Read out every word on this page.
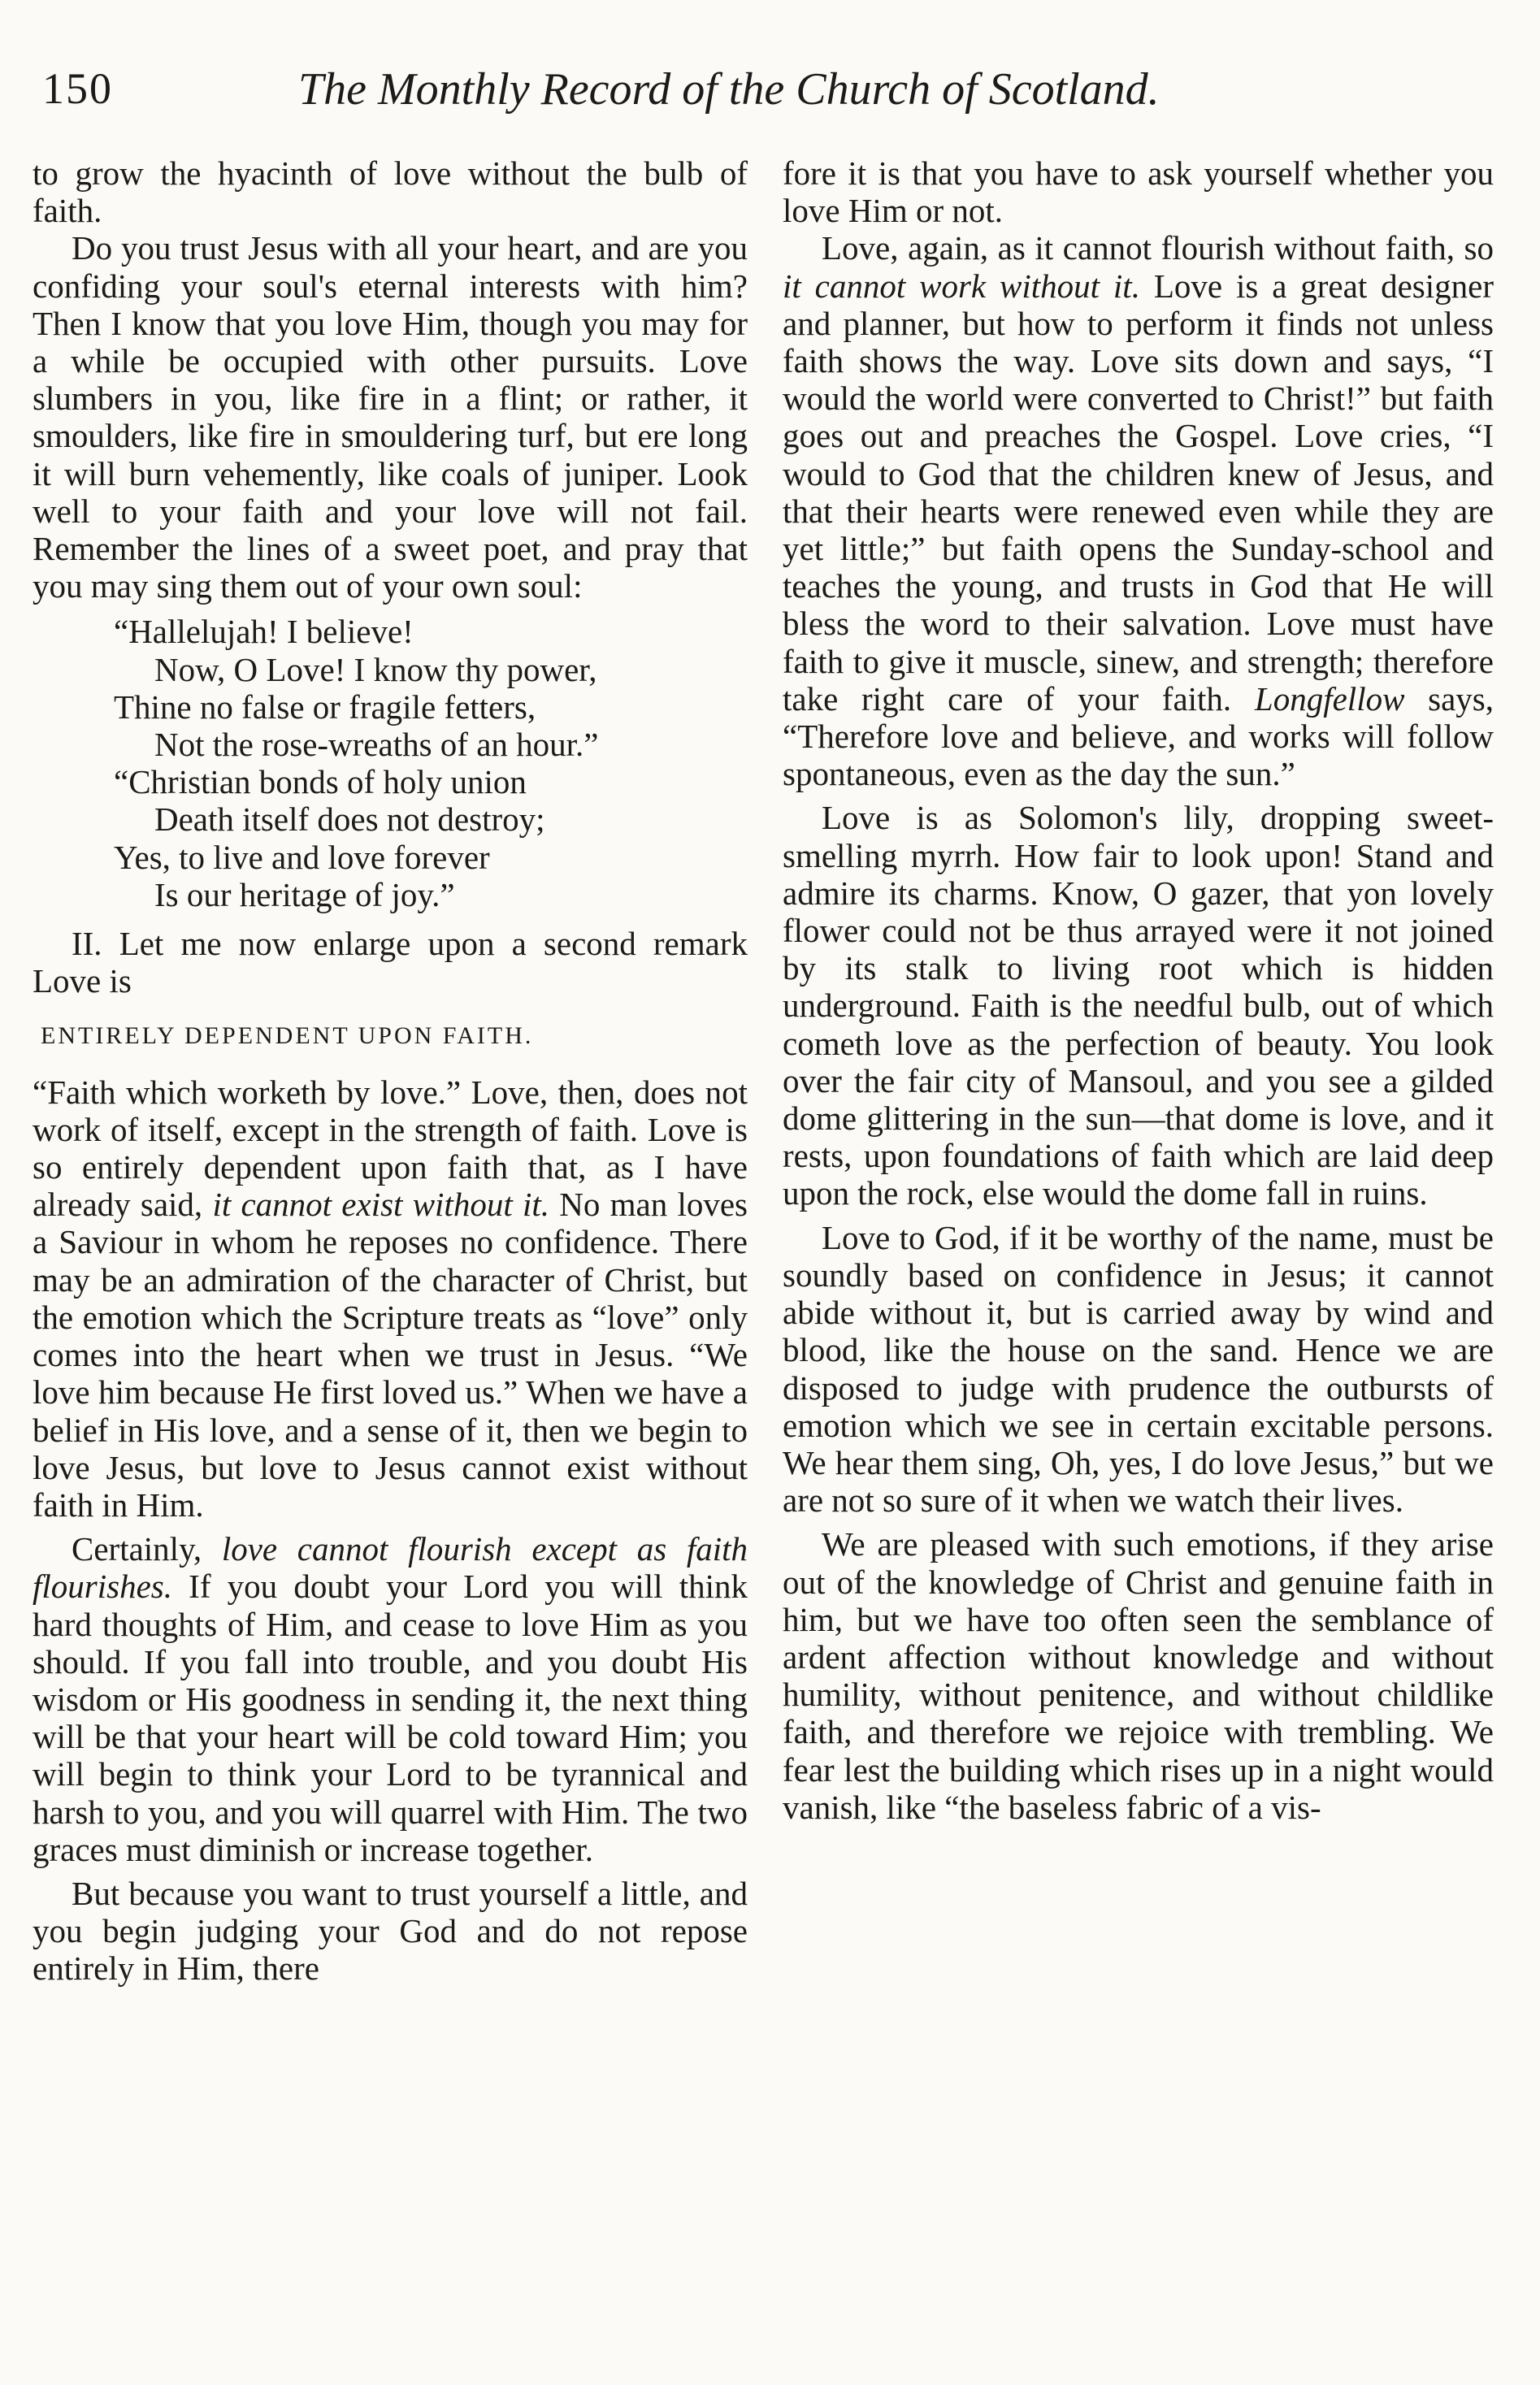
150	The Monthly Record of the Church of Scotland.

to grow the hyacinth of love without the bulb of faith.

Do you trust Jesus with all your heart, and are you confiding your soul's eternal interests with him? Then I know that you love Him, though you may for a while be occupied with other pursuits. Love slumbers in you, like fire in a flint; or rather, it smoulders, like fire in smouldering turf, but ere long it will burn vehemently, like coals of juniper. Look well to your faith and your love will not fail. Remember the lines of a sweet poet, and pray that you may sing them out of your own soul:

“Hallelujah! I believe!
Now, O Love! I know thy power,
Thine no false or fragile fetters,
Not the rose-wreaths of an hour.”
“Christian bonds of holy union
Death itself does not destroy;
Yes, to live and love forever
Is our heritage of joy.”

II. Let me now enlarge upon a second remark Love is

ENTIRELY DEPENDENT UPON FAITH.

“Faith which worketh by love.” Love, then, does not work of itself, except in the strength of faith. Love is so entirely dependent upon faith that, as I have already said, it cannot exist without it. No man loves a Saviour in whom he reposes no confidence. There may be an admiration of the character of Christ, but the emotion which the Scripture treats as “love” only comes into the heart when we trust in Jesus. “We love him because He first loved us.” When we have a belief in His love, and a sense of it, then we begin to love Jesus, but love to Jesus cannot exist without faith in Him.

Certainly, love cannot flourish except as faith flourishes. If you doubt your Lord you will think hard thoughts of Him, and cease to love Him as you should. If you fall into trouble, and you doubt His wisdom or His goodness in sending it, the next thing will be that your heart will be cold toward Him; you will begin to think your Lord to be tyrannical and harsh to you, and you will quarrel with Him. The two graces must diminish or increase together.

But because you want to trust yourself a little, and you begin judging your God and do not repose entirely in Him, there

fore it is that you have to ask yourself whether you love Him or not.

Love, again, as it cannot flourish without faith, so it cannot work without it. Love is a great designer and planner, but how to perform it finds not unless faith shows the way. Love sits down and says, “I would the world were converted to Christ!” but faith goes out and preaches the Gospel. Love cries, “I would to God that the children knew of Jesus, and that their hearts were renewed even while they are yet little;” but faith opens the Sunday-school and teaches the young, and trusts in God that He will bless the word to their salvation. Love must have faith to give it muscle, sinew, and strength; therefore take right care of your faith. Longfellow says, “Therefore love and believe, and works will follow spontaneous, even as the day the sun.”

Love is as Solomon's lily, dropping sweet-smelling myrrh. How fair to look upon! Stand and admire its charms. Know, O gazer, that yon lovely flower could not be thus arrayed were it not joined by its stalk to living root which is hidden underground. Faith is the needful bulb, out of which cometh love as the perfection of beauty. You look over the fair city of Mansoul, and you see a gilded dome glittering in the sun—that dome is love, and it rests, upon foundations of faith which are laid deep upon the rock, else would the dome fall in ruins.

Love to God, if it be worthy of the name, must be soundly based on confidence in Jesus; it cannot abide without it, but is carried away by wind and blood, like the house on the sand. Hence we are disposed to judge with prudence the outbursts of emotion which we see in certain excitable persons. We hear them sing, Oh, yes, I do love Jesus,” but we are not so sure of it when we watch their lives.

We are pleased with such emotions, if they arise out of the knowledge of Christ and genuine faith in him, but we have too often seen the semblance of ardent affection without knowledge and without humility, without penitence, and without childlike faith, and therefore we rejoice with trembling. We fear lest the building which rises up in a night would vanish, like “the baseless fabric of a vis-
